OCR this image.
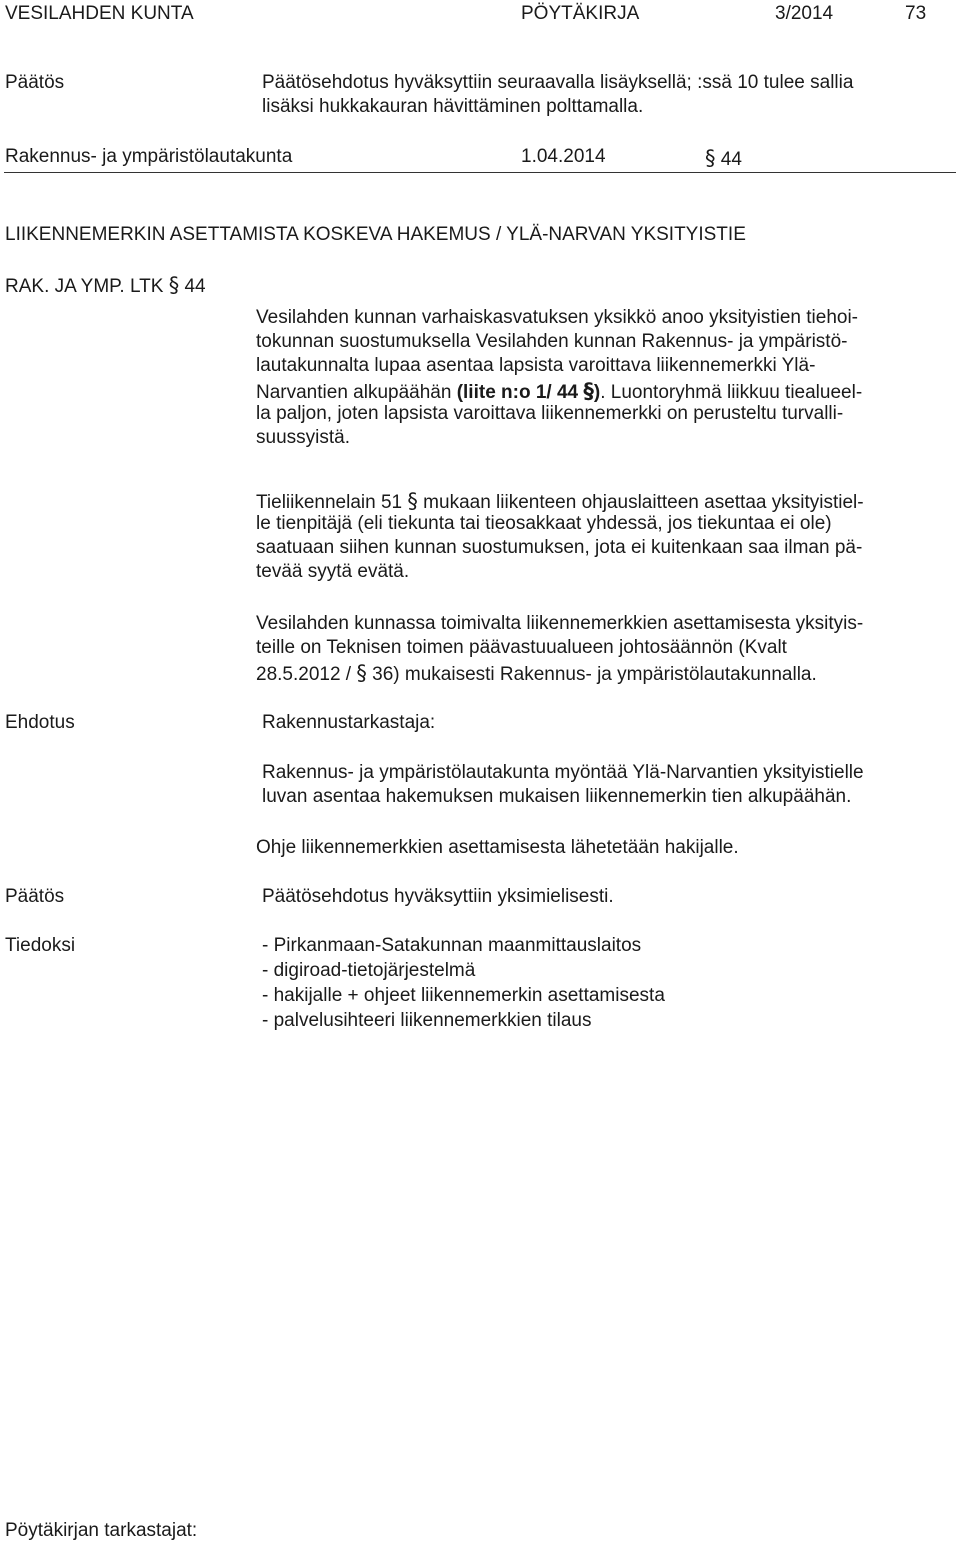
VESILAHDEN KUNTA	PÖYTÄKIRJA	3/2014	73
Päätös	Päätösehdotus hyväksyttiin seuraavalla lisäyksellä; :ssä 10 tulee sallia
lisäksi hukkakauran hävittäminen polttamalla.
Rakennus- ja ympäristölautakunta	1.04.2014	§ 44
LIIKENNEMERKIN ASETTAMISTA KOSKEVA HAKEMUS / YLÄ-NARVAN YKSITYISTIE
RAK. JA YMP. LTK § 44
Vesilahden kunnan varhaiskasvatuksen yksikkö anoo yksityistien tiehoi-
tokunnan suostumuksella Vesilahden kunnan Rakennus- ja ympäristö-
lautakunnalta lupaa asentaa lapsista varoittava liikennemerkki Ylä-
Narvantien alkupäähän (liite n:o 1/ 44 §). Luontoryhmä liikkuu tiealueel-
la paljon, joten lapsista varoittava liikennemerkki on perusteltu turvalli-
suussyistä.
Tieliikennelain 51 § mukaan liikenteen ohjauslaitteen asettaa yksityistiel-
le tienpitäjä (eli tiekunta tai tieosakkaat yhdessä, jos tiekuntaa ei ole)
saatuaan siihen kunnan suostumuksen, jota ei kuitenkaan saa ilman pä-
tevää syytä evätä.
Vesilahden kunnassa toimivalta liikennemerkkien asettamisesta yksityis-
teille on Teknisen toimen päävastuualueen johtosäännön (Kvalt
28.5.2012 / § 36) mukaisesti Rakennus- ja ympäristölautakunnalla.
Ehdotus	Rakennustarkastaja:
Rakennus- ja ympäristölautakunta myöntää Ylä-Narvantien yksityistielle
luvan asentaa hakemuksen mukaisen liikennemerkin tien alkupäähän.
Ohje liikennemerkkien asettamisesta lähetetään hakijalle.
Päätös	Päätösehdotus hyväksyttiin yksimielisesti.
Tiedoksi	- Pirkanmaan-Satakunnan maanmittauslaitos
- digiroad-tietojärjestelmä
- hakijalle + ohjeet liikennemerkin asettamisesta
- palvelusihteeri liikennemerkkien tilaus
Pöytäkirjan tarkastajat:
